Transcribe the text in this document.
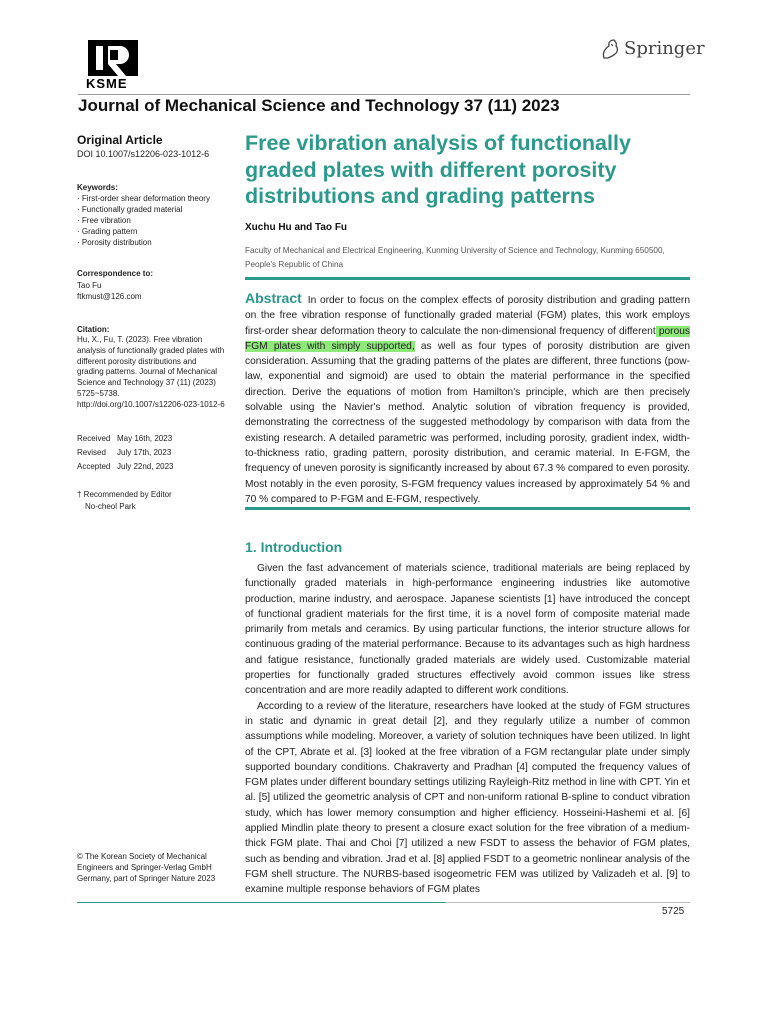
KSME
Springer
Journal of Mechanical Science and Technology 37 (11) 2023
Original Article
DOI 10.1007/s12206-023-1012-6
Keywords:
· First-order shear deformation theory
· Functionally graded material
· Free vibration
· Grading pattern
· Porosity distribution
Correspondence to:
Tao Fu
ftkmust@126.com
Citation:
Hu, X., Fu, T. (2023). Free vibration analysis of functionally graded plates with different porosity distributions and grading patterns. Journal of Mechanical Science and Technology 37 (11) (2023) 5725~5738. http://doi.org/10.1007/s12206-023-1012-6
Received May 16th, 2023
Revised July 17th, 2023
Accepted July 22nd, 2023
† Recommended by Editor
No-cheol Park
© The Korean Society of Mechanical Engineers and Springer-Verlag GmbH Germany, part of Springer Nature 2023
Free vibration analysis of functionally graded plates with different porosity distributions and grading patterns
Xuchu Hu and Tao Fu
Faculty of Mechanical and Electrical Engineering, Kunming University of Science and Technology, Kunming 650500, People's Republic of China
Abstract In order to focus on the complex effects of porosity distribution and grading pattern on the free vibration response of functionally graded material (FGM) plates, this work employs first-order shear deformation theory to calculate the non-dimensional frequency of different porous FGM plates with simply supported, as well as four types of porosity distribution are given consideration. Assuming that the grading patterns of the plates are different, three functions (pow-law, exponential and sigmoid) are used to obtain the material performance in the specified direction. Derive the equations of motion from Hamilton's principle, which are then precisely solvable using the Navier's method. Analytic solution of vibration frequency is provided, demonstrating the correctness of the suggested methodology by comparison with data from the existing research. A detailed parametric was performed, including porosity, gradient index, width-to-thickness ratio, grading pattern, porosity distribution, and ceramic material. In E-FGM, the frequency of uneven porosity is significantly increased by about 67.3 % compared to even porosity. Most notably in the even porosity, S-FGM frequency values increased by approximately 54 % and 70 % compared to P-FGM and E-FGM, respectively.
1. Introduction

Given the fast advancement of materials science, traditional materials are being replaced by functionally graded materials in high-performance engineering industries like automotive production, marine industry, and aerospace. Japanese scientists [1] have introduced the concept of functional gradient materials for the first time, it is a novel form of composite material made primarily from metals and ceramics. By using particular functions, the interior structure allows for continuous grading of the material performance. Because to its advantages such as high hardness and fatigue resistance, functionally graded materials are widely used. Customizable material properties for functionally graded structures effectively avoid common issues like stress concentration and are more readily adapted to different work conditions.

According to a review of the literature, researchers have looked at the study of FGM structures in static and dynamic in great detail [2], and they regularly utilize a number of common assumptions while modeling. Moreover, a variety of solution techniques have been utilized. In light of the CPT, Abrate et al. [3] looked at the free vibration of a FGM rectangular plate under simply supported boundary conditions. Chakraverty and Pradhan [4] computed the frequency values of FGM plates under different boundary settings utilizing Rayleigh-Ritz method in line with CPT. Yin et al. [5] utilized the geometric analysis of CPT and non-uniform rational B-spline to conduct vibration study, which has lower memory consumption and higher efficiency. Hosseini-Hashemi et al. [6] applied Mindlin plate theory to present a closure exact solution for the free vibration of a medium-thick FGM plate. Thai and Choi [7] utilized a new FSDT to assess the behavior of FGM plates, such as bending and vibration. Jrad et al. [8] applied FSDT to a geometric nonlinear analysis of the FGM shell structure. The NURBS-based isogeometric FEM was utilized by Valizadeh et al. [9] to examine multiple response behaviors of FGM plates

5725
